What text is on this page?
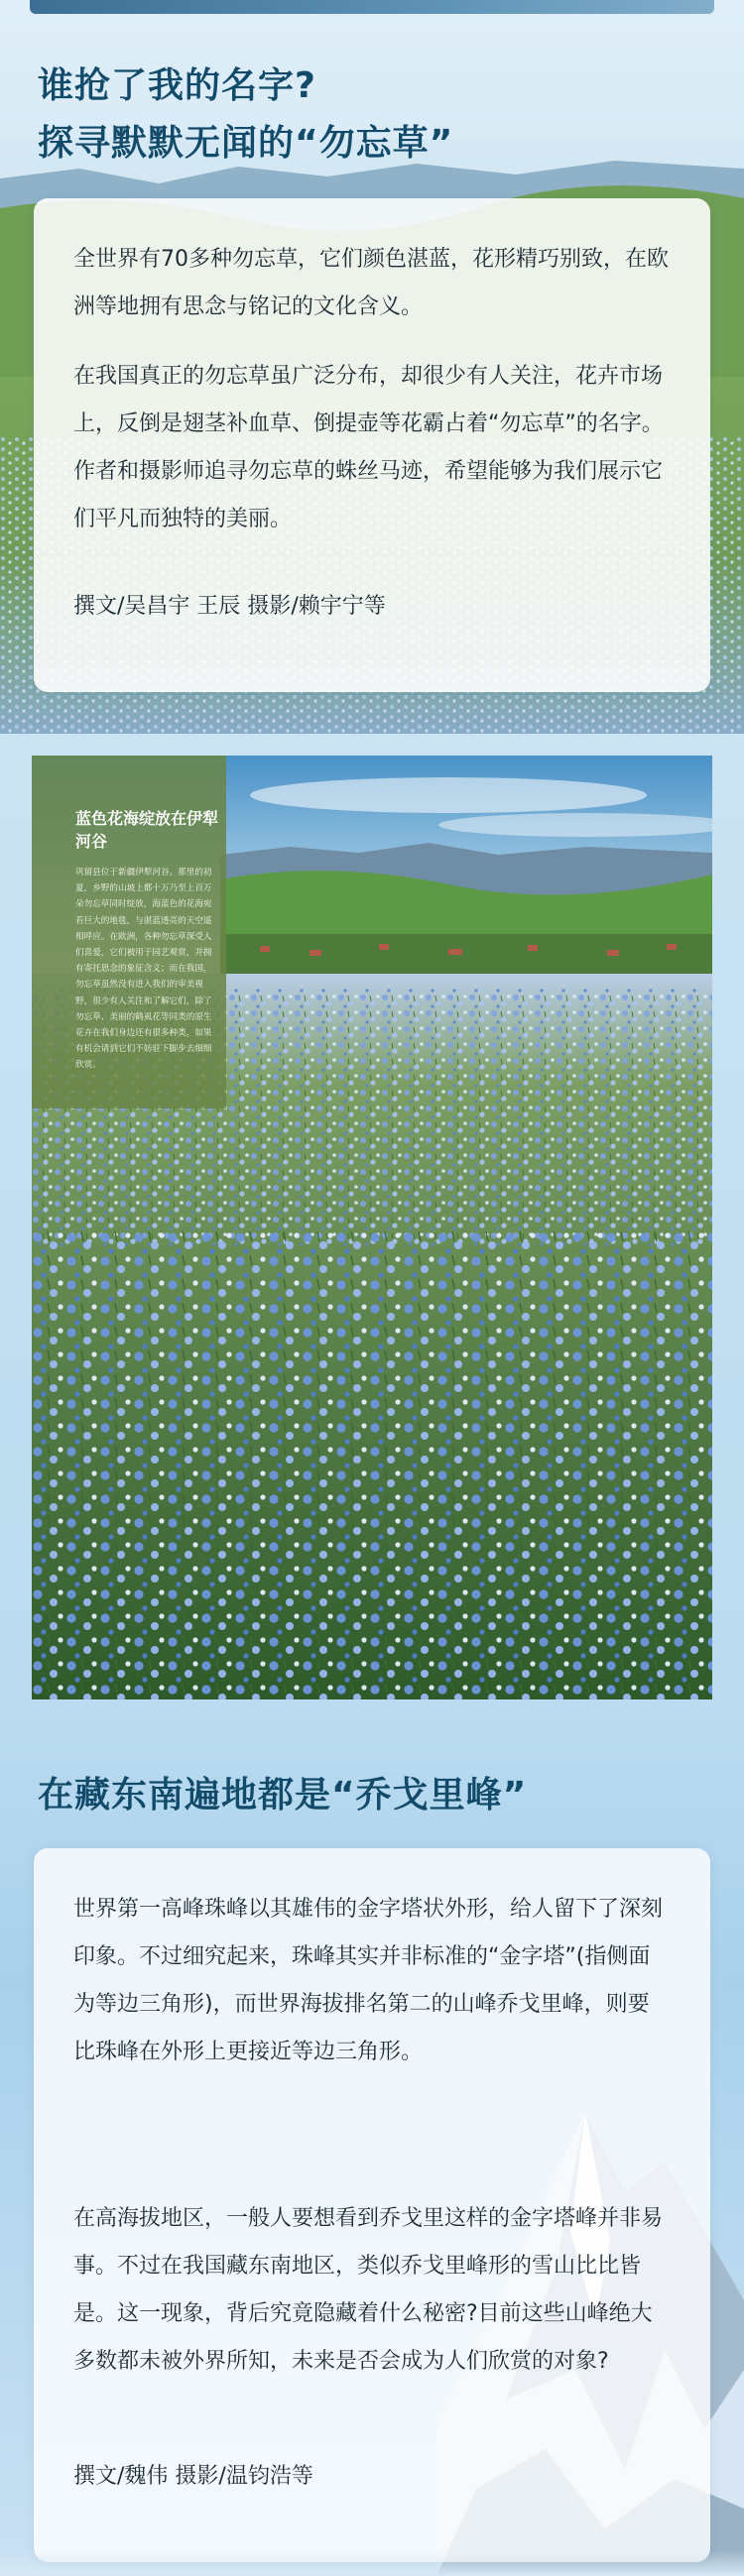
谁抢了我的名字?
探寻默默无闻的“勿忘草”

全世界有70多种勿忘草，它们颜色湛蓝，花形精巧别致，在欧洲等地拥有思念与铭记的文化含义。

在我国真正的勿忘草虽广泛分布，却很少有人关注，花卉市场上，反倒是翅茎补血草、倒提壶等花霸占着“勿忘草”的名字。作者和摄影师追寻勿忘草的蛛丝马迹，希望能够为我们展示它们平凡而独特的美丽。

撰文/吴昌宇 王辰 摄影/赖宇宁等

蓝色花海绽放在伊犁河谷

巩留县位于新疆伊犁河谷。那里的初夏，乡野的山坡上都十万乃至上百万朵勿忘草同时绽放，海蓝色的花海宛若巨大的地毯，与湛蓝透亮的天空遥相呼应。在欧洲，各种勿忘草深受人们喜爱，它们被用于园艺观赏，并拥有寄托思念的象征含义；而在我国，勿忘草虽然没有进入我们的审美视野，很少有人关注和了解它们，除了勿忘草、美丽的鹤虱花等同类的原生花卉在我们身边还有很多种类，如果有机会请到它们不妨驻下脚步去细细欣赏。

在藏东南遍地都是“乔戈里峰”

世界第一高峰珠峰以其雄伟的金字塔状外形，给人留下了深刻印象。不过细究起来，珠峰其实并非标准的“金字塔”(指侧面为等边三角形)，而世界海拔排名第二的山峰乔戈里峰，则要比珠峰在外形上更接近等边三角形。

在高海拔地区，一般人要想看到乔戈里这样的金字塔峰并非易事。不过在我国藏东南地区，类似乔戈里峰形的雪山比比皆是。这一现象，背后究竟隐藏着什么秘密?目前这些山峰绝大多数都未被外界所知，未来是否会成为人们欣赏的对象?

撰文/魏伟 摄影/温钧浩等
